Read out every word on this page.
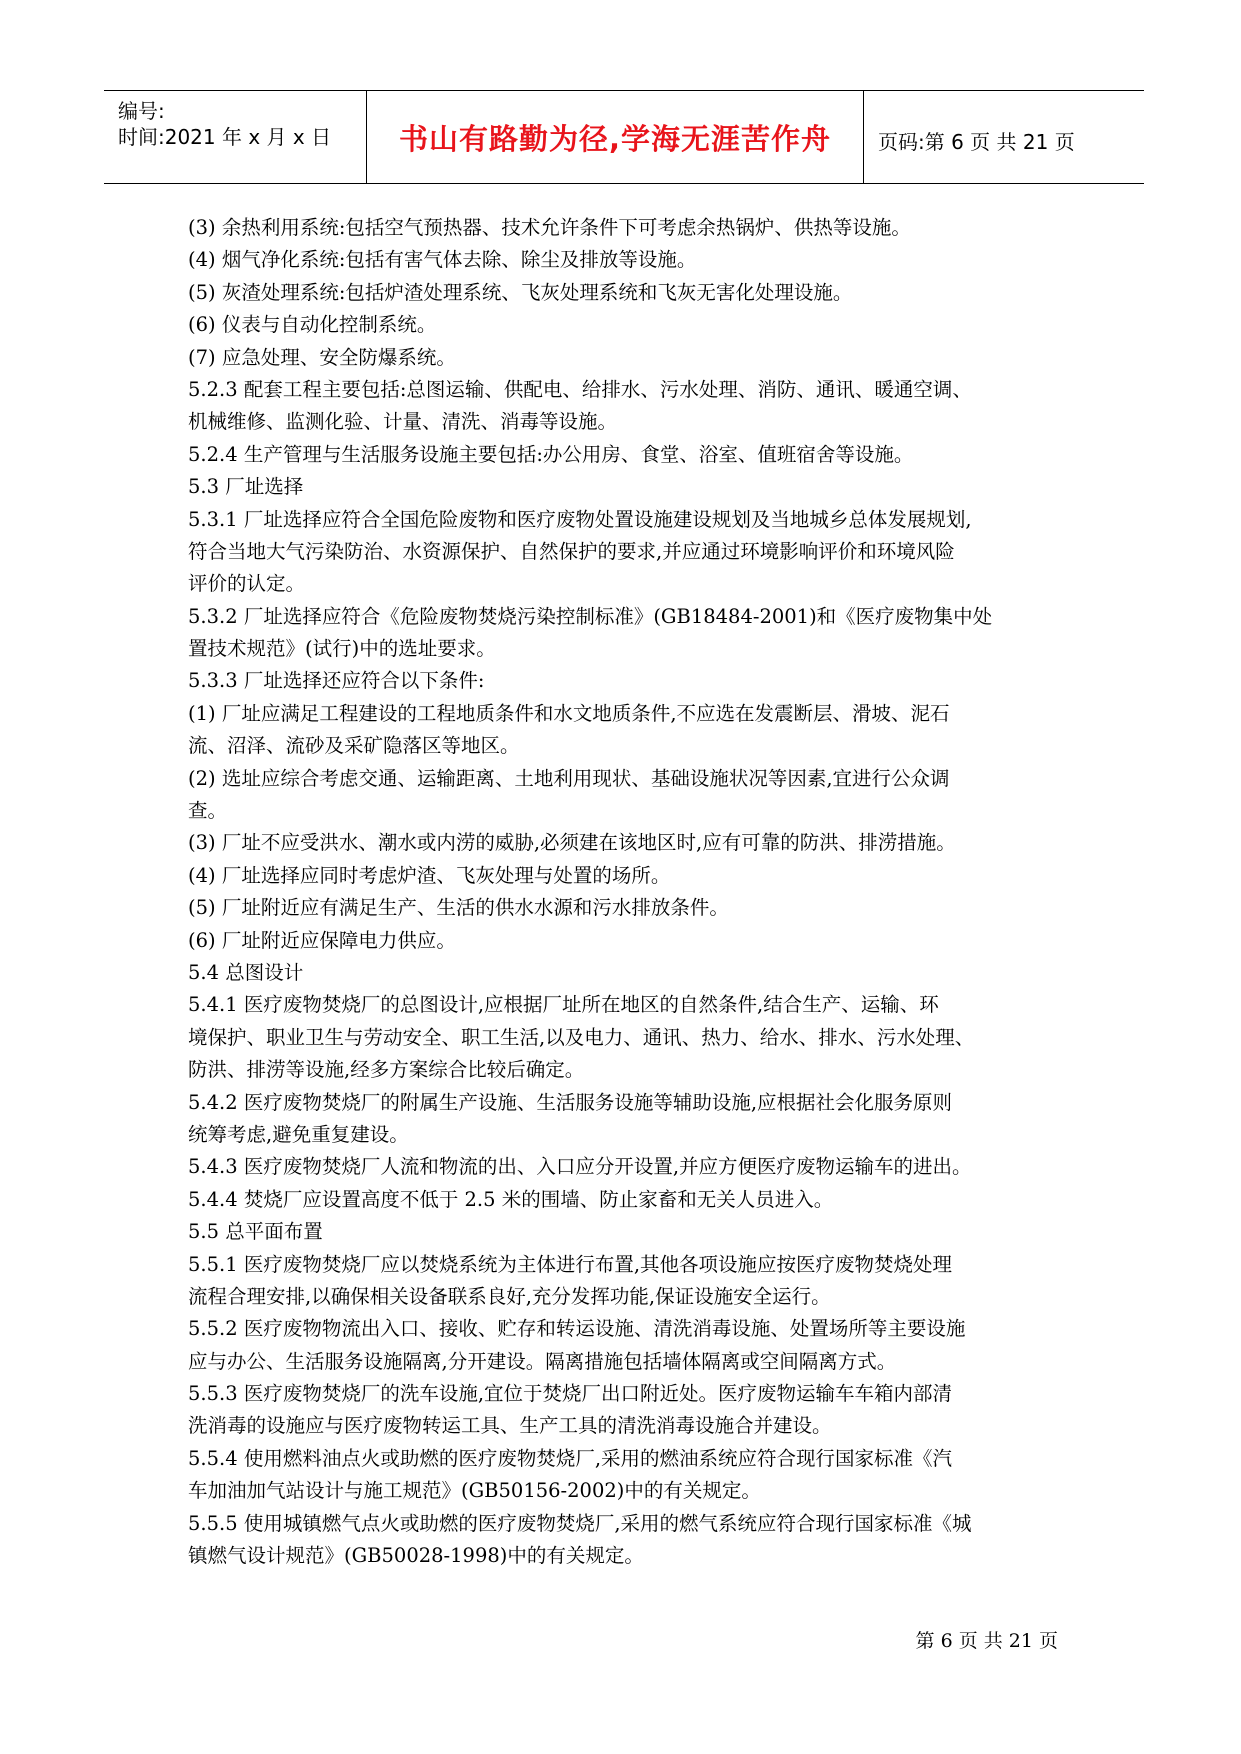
编号:
时间:2021 年 x 月 x 日	书山有路勤为径,学海无涯苦作舟	页码:第 6 页 共 21 页
(3) 余热利用系统:包括空气预热器、技术允许条件下可考虑余热锅炉、供热等设施。
(4) 烟气净化系统:包括有害气体去除、除尘及排放等设施。
(5) 灰渣处理系统:包括炉渣处理系统、飞灰处理系统和飞灰无害化处理设施。
(6) 仪表与自动化控制系统。
(7) 应急处理、安全防爆系统。
5.2.3 配套工程主要包括:总图运输、供配电、给排水、污水处理、消防、通讯、暖通空调、
机械维修、监测化验、计量、清洗、消毒等设施。
5.2.4 生产管理与生活服务设施主要包括:办公用房、食堂、浴室、值班宿舍等设施。
5.3 厂址选择
5.3.1 厂址选择应符合全国危险废物和医疗废物处置设施建设规划及当地城乡总体发展规划,
符合当地大气污染防治、水资源保护、自然保护的要求,并应通过环境影响评价和环境风险
评价的认定。
5.3.2 厂址选择应符合《危险废物焚烧污染控制标准》(GB18484-2001)和《医疗废物集中处
置技术规范》(试行)中的选址要求。
5.3.3 厂址选择还应符合以下条件:
(1) 厂址应满足工程建设的工程地质条件和水文地质条件,不应选在发震断层、滑坡、泥石
流、沼泽、流砂及采矿隐落区等地区。
(2) 选址应综合考虑交通、运输距离、土地利用现状、基础设施状况等因素,宜进行公众调
查。
(3) 厂址不应受洪水、潮水或内涝的威胁,必须建在该地区时,应有可靠的防洪、排涝措施。
(4) 厂址选择应同时考虑炉渣、飞灰处理与处置的场所。
(5) 厂址附近应有满足生产、生活的供水水源和污水排放条件。
(6) 厂址附近应保障电力供应。
5.4 总图设计
5.4.1 医疗废物焚烧厂的总图设计,应根据厂址所在地区的自然条件,结合生产、运输、环
境保护、职业卫生与劳动安全、职工生活,以及电力、通讯、热力、给水、排水、污水处理、
防洪、排涝等设施,经多方案综合比较后确定。
5.4.2 医疗废物焚烧厂的附属生产设施、生活服务设施等辅助设施,应根据社会化服务原则
统筹考虑,避免重复建设。
5.4.3 医疗废物焚烧厂人流和物流的出、入口应分开设置,并应方便医疗废物运输车的进出。
5.4.4 焚烧厂应设置高度不低于 2.5 米的围墙、防止家畜和无关人员进入。
5.5 总平面布置
5.5.1 医疗废物焚烧厂应以焚烧系统为主体进行布置,其他各项设施应按医疗废物焚烧处理
流程合理安排,以确保相关设备联系良好,充分发挥功能,保证设施安全运行。
5.5.2 医疗废物物流出入口、接收、贮存和转运设施、清洗消毒设施、处置场所等主要设施
应与办公、生活服务设施隔离,分开建设。隔离措施包括墙体隔离或空间隔离方式。
5.5.3 医疗废物焚烧厂的洗车设施,宜位于焚烧厂出口附近处。医疗废物运输车车箱内部清
洗消毒的设施应与医疗废物转运工具、生产工具的清洗消毒设施合并建设。
5.5.4 使用燃料油点火或助燃的医疗废物焚烧厂,采用的燃油系统应符合现行国家标准《汽
车加油加气站设计与施工规范》(GB50156-2002)中的有关规定。
5.5.5 使用城镇燃气点火或助燃的医疗废物焚烧厂,采用的燃气系统应符合现行国家标准《城
镇燃气设计规范》(GB50028-1998)中的有关规定。
第 6 页 共 21 页
